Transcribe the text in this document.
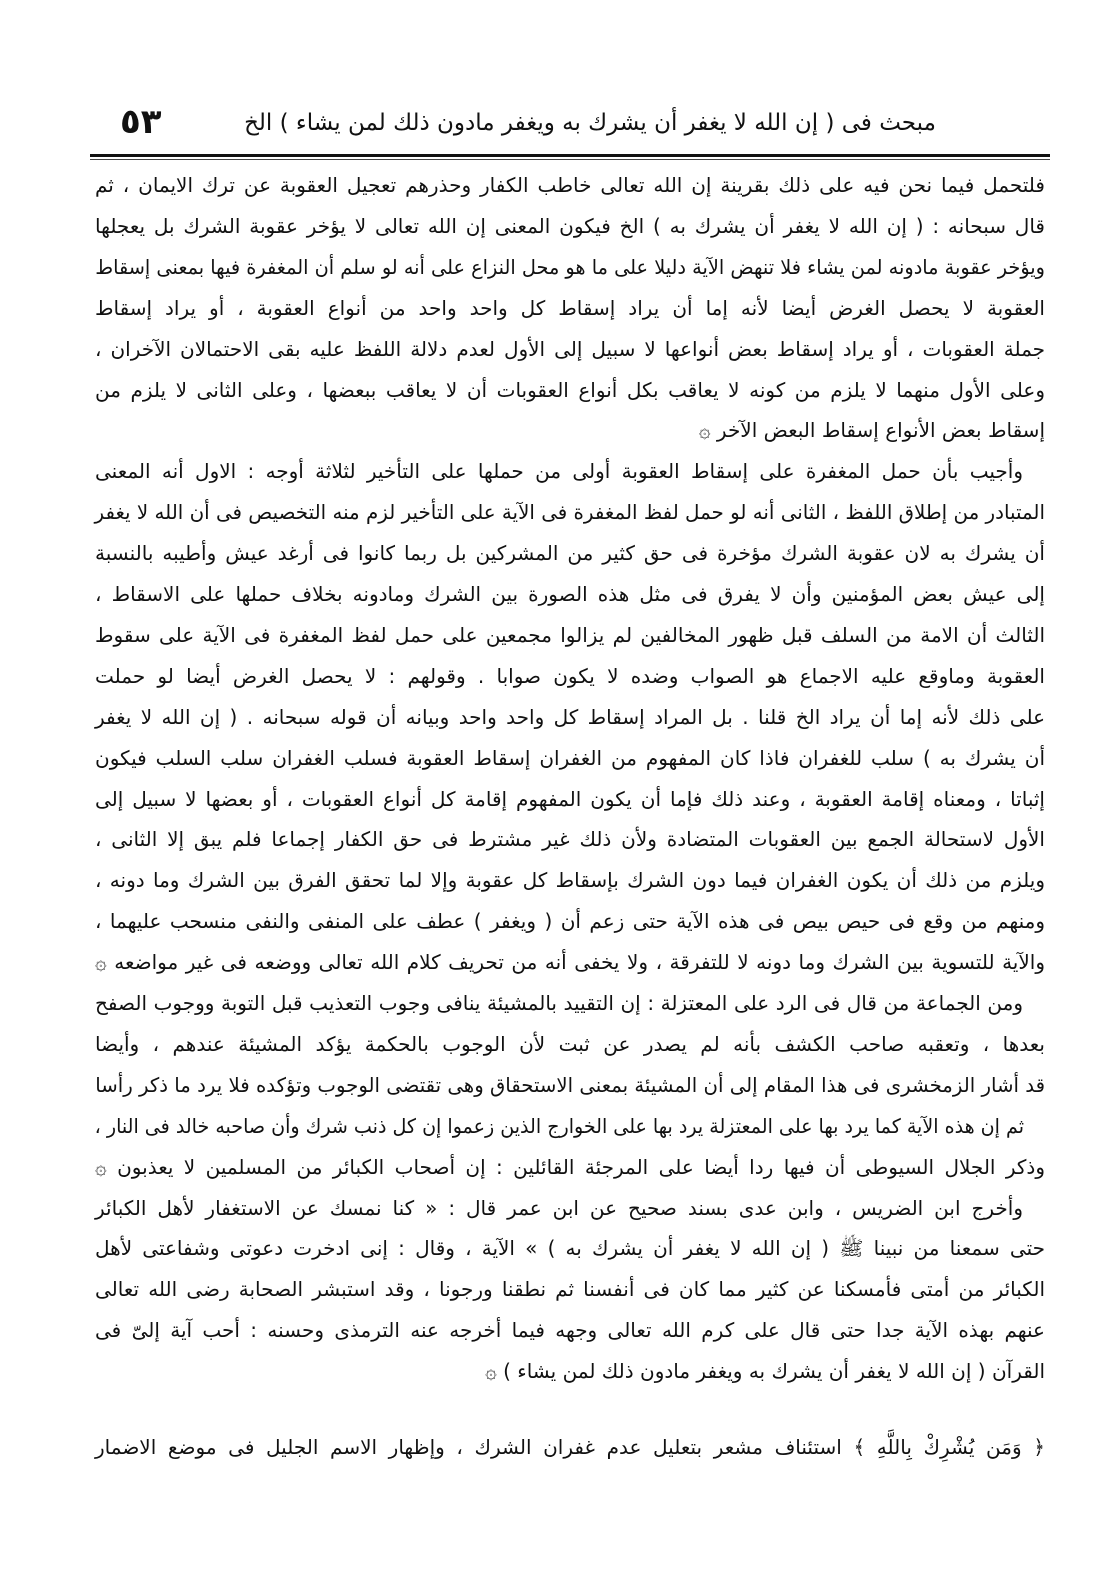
٥٣	مبحث فى ( إن الله لا يغفر أن يشرك به ويغفر مادون ذلك لمن يشاء ) الخ
فلتحمل فيما نحن فيه على ذلك بقرينة إن الله تعالى خاطب الكفار وحذرهم تعجيل العقوبة عن ترك الايمان ، ثم
قال سبحانه : ( إن الله لا يغفر أن يشرك به ) الخ فيكون المعنى إن الله تعالى لا يؤخر عقوبة الشرك بل يعجلها
ويؤخر عقوبة مادونه لمن يشاء فلا تنهض الآية دليلا على ما هو محل النزاع على أنه لو سلم أن المغفرة فيها بمعنى إسقاط
العقوبة لا يحصل الغرض أيضا لأنه إما أن يراد إسقاط كل واحد واحد من أنواع العقوبة ، أو يراد إسقاط
جملة العقوبات ، أو يراد إسقاط بعض أنواعها لا سبيل إلى الأول لعدم دلالة اللفظ عليه بقى الاحتمالان الآخران ،
وعلى الأول منهما لا يلزم من كونه لا يعاقب بكل أنواع العقوبات أن لا يعاقب ببعضها ، وعلى الثانى لا يلزم من
إسقاط بعض الأنواع إسقاط البعض الآخر ۞
وأجيب بأن حمل المغفرة على إسقاط العقوبة أولى من حملها على التأخير لثلاثة أوجه : الاول أنه المعنى
المتبادر من إطلاق اللفظ ، الثانى أنه لو حمل لفظ المغفرة فى الآية على التأخير لزم منه التخصيص فى أن الله لا يغفر
أن يشرك به لان عقوبة الشرك مؤخرة فى حق كثير من المشركين بل ربما كانوا فى أرغد عيش وأطيبه بالنسبة
إلى عيش بعض المؤمنين وأن لا يفرق فى مثل هذه الصورة بين الشرك ومادونه بخلاف حملها على الاسقاط ،
الثالث أن الامة من السلف قبل ظهور المخالفين لم يزالوا مجمعين على حمل لفظ المغفرة فى الآية على سقوط
العقوبة وماوقع عليه الاجماع هو الصواب وضده لا يكون صوابا . وقولهم : لا يحصل الغرض أيضا لو حملت
على ذلك لأنه إما أن يراد الخ قلنا . بل المراد إسقاط كل واحد واحد وبيانه أن قوله سبحانه . ( إن الله لا يغفر
أن يشرك به ) سلب للغفران فاذا كان المفهوم من الغفران إسقاط العقوبة فسلب الغفران سلب السلب فيكون
إثباتا ، ومعناه إقامة العقوبة ، وعند ذلك فإما أن يكون المفهوم إقامة كل أنواع العقوبات ، أو بعضها لا سبيل إلى
الأول لاستحالة الجمع بين العقوبات المتضادة ولأن ذلك غير مشترط فى حق الكفار إجماعا فلم يبق إلا الثانى ،
ويلزم من ذلك أن يكون الغفران فيما دون الشرك بإسقاط كل عقوبة وإلا لما تحقق الفرق بين الشرك وما دونه ،
ومنهم من وقع فى حيص بيص فى هذه الآية حتى زعم أن ( ويغفر ) عطف على المنفى والنفى منسحب عليهما ،
والآية للتسوية بين الشرك وما دونه لا للتفرقة ، ولا يخفى أنه من تحريف كلام الله تعالى ووضعه فى غير مواضعه ۞
ومن الجماعة من قال فى الرد على المعتزلة : إن التقييد بالمشيئة ينافى وجوب التعذيب قبل التوبة ووجوب الصفح
بعدها ، وتعقبه صاحب الكشف بأنه لم يصدر عن ثبت لأن الوجوب بالحكمة يؤكد المشيئة عندهم ، وأيضا
قد أشار الزمخشرى فى هذا المقام إلى أن المشيئة بمعنى الاستحقاق وهى تقتضى الوجوب وتؤكده فلا يرد ما ذكر رأسا
ثم إن هذه الآية كما يرد بها على المعتزلة يرد بها على الخوارج الذين زعموا إن كل ذنب شرك وأن صاحبه خالد فى النار ،
وذكر الجلال السيوطى أن فيها ردا أيضا على المرجئة القائلين : إن أصحاب الكبائر من المسلمين لا يعذبون ۞
وأخرج ابن الضريس ، وابن عدى بسند صحيح عن ابن عمر قال : « كنا نمسك عن الاستغفار لأهل الكبائر
حتى سمعنا من نبينا ﷺ ( إن الله لا يغفر أن يشرك به ) » الآية ، وقال : إنى ادخرت دعوتى وشفاعتى لأهل
الكبائر من أمتى فأمسكنا عن كثير مما كان فى أنفسنا ثم نطقنا ورجونا ، وقد استبشر الصحابة رضى الله تعالى
عنهم بهذه الآية جدا حتى قال على كرم الله تعالى وجهه فيما أخرجه عنه الترمذى وحسنه : أحب آية إلىّ فى
القرآن ( إن الله لا يغفر أن يشرك به ويغفر مادون ذلك لمن يشاء ) ۞
﴿ وَمَن يُشْرِكْ بِاللَّهِ ﴾ استئناف مشعر بتعليل عدم غفران الشرك ، وإظهار الاسم الجليل فى موضع الاضمار
